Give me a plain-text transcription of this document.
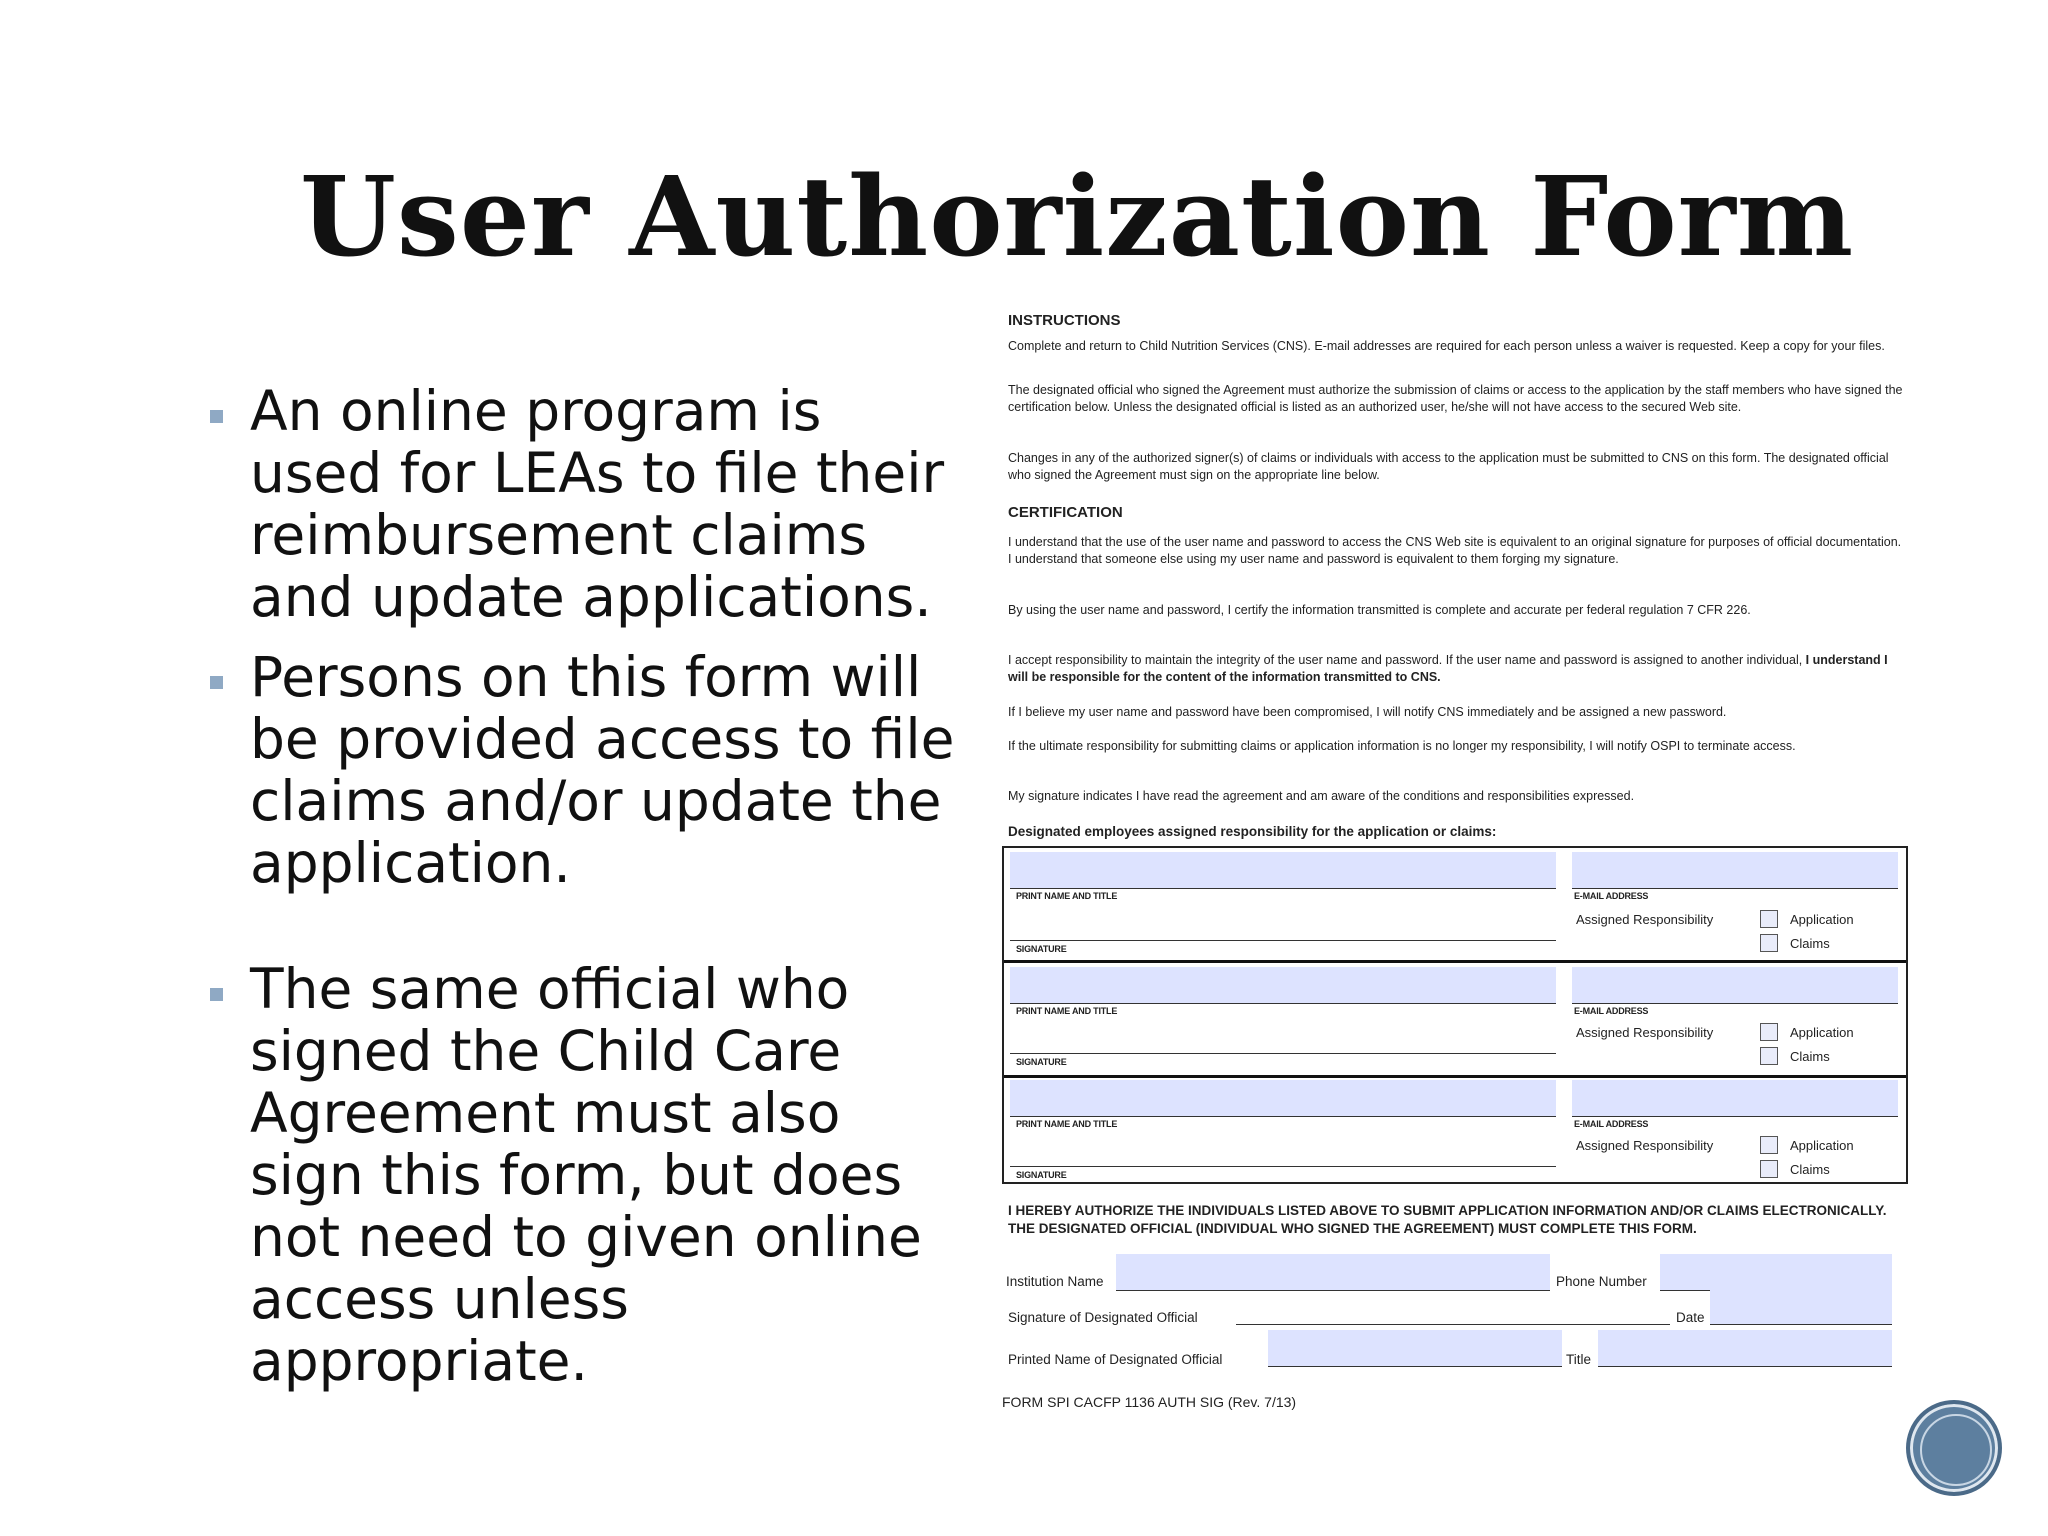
User Authorization Form
An online program is used for LEAs to file their reimbursement claims and update applications.
Persons on this form will be provided access to file claims and/or update the application.
The same official who signed the Child Care Agreement must also sign this form, but does not need to given online access unless appropriate.
INSTRUCTIONS
Complete and return to Child Nutrition Services (CNS). E-mail addresses are required for each person unless a waiver is requested. Keep a copy for your files.
The designated official who signed the Agreement must authorize the submission of claims or access to the application by the staff members who have signed the certification below. Unless the designated official is listed as an authorized user, he/she will not have access to the secured Web site.
Changes in any of the authorized signer(s) of claims or individuals with access to the application must be submitted to CNS on this form. The designated official who signed the Agreement must sign on the appropriate line below.
CERTIFICATION
I understand that the use of the user name and password to access the CNS Web site is equivalent to an original signature for purposes of official documentation. I understand that someone else using my user name and password is equivalent to them forging my signature.
By using the user name and password, I certify the information transmitted is complete and accurate per federal regulation 7 CFR 226.
I accept responsibility to maintain the integrity of the user name and password. If the user name and password is assigned to another individual, I understand I will be responsible for the content of the information transmitted to CNS.
If I believe my user name and password have been compromised, I will notify CNS immediately and be assigned a new password.
If the ultimate responsibility for submitting claims or application information is no longer my responsibility, I will notify OSPI to terminate access.
My signature indicates I have read the agreement and am aware of the conditions and responsibilities expressed.
Designated employees assigned responsibility for the application or claims:
PRINT NAME AND TITLE
SIGNATURE
E-MAIL ADDRESS
Assigned Responsibility	Application
Claims
PRINT NAME AND TITLE
SIGNATURE
E-MAIL ADDRESS
Assigned Responsibility	Application
Claims
PRINT NAME AND TITLE
SIGNATURE
E-MAIL ADDRESS
Assigned Responsibility	Application
Claims
I HEREBY AUTHORIZE THE INDIVIDUALS LISTED ABOVE TO SUBMIT APPLICATION INFORMATION AND/OR CLAIMS ELECTRONICALLY. THE DESIGNATED OFFICIAL (INDIVIDUAL WHO SIGNED THE AGREEMENT) MUST COMPLETE THIS FORM.
Institution Name	Phone Number
Signature of Designated Official	Date
Printed Name of Designated Official	Title
FORM SPI CACFP 1136 AUTH SIG (Rev. 7/13)
